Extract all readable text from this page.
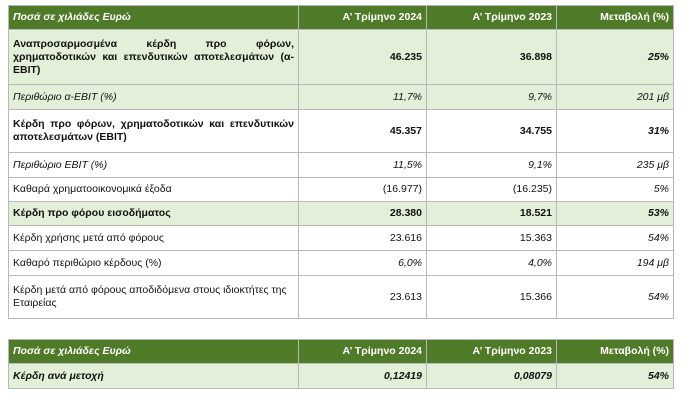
Ποσά σε χιλιάδες Ευρώ	Α’ Τρίμηνο 2024	Α’ Τρίμηνο 2023	Μεταβολή (%)
Αναπροσαρμοσμένα κέρδη προ φόρων, χρηματοδοτικών και επενδυτικών αποτελεσμάτων (α-EBIT)	46.235	36.898	25%
Περιθώριο α-EBIT (%)	11,7%	9,7%	201 μβ
Κέρδη προ φόρων, χρηματοδοτικών και επενδυτικών αποτελεσμάτων (EBIT)	45.357	34.755	31%
Περιθώριο EBIT (%)	11,5%	9,1%	235 μβ
Καθαρά χρηματοοικονομικά έξοδα	(16.977)	(16.235)	5%
Κέρδη προ φόρου εισοδήματος	28.380	18.521	53%
Κέρδη χρήσης μετά από φόρους	23.616	15.363	54%
Καθαρό περιθώριο κέρδους (%)	6,0%	4,0%	194 μβ
Κέρδη μετά από φόρους αποδιδόμενα στους ιδιοκτήτες της Εταιρείας	23.613	15.366	54%
Ποσά σε χιλιάδες Ευρώ	Α’ Τρίμηνο 2024	Α’ Τρίμηνο 2023	Μεταβολή (%)
Κέρδη ανά μετοχή	0,12419	0,08079	54%
